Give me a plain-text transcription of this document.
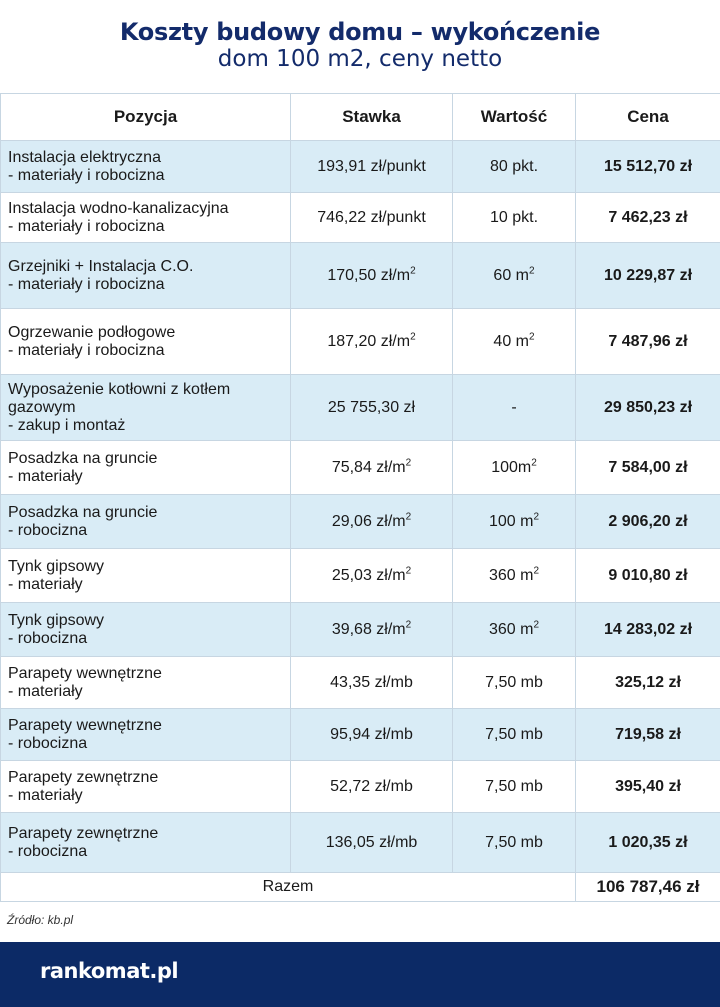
Koszty budowy domu – wykończenie
dom 100 m2, ceny netto
Pozycja	Stawka	Wartość	Cena

Instalacja elektryczna
- materiały i robocizna	193,91 zł/punkt	80 pkt.	15 512,70 zł

Instalacja wodno-kanalizacyjna
- materiały i robocizna	746,22 zł/punkt	10 pkt.	7 462,23 zł

Grzejniki + Instalacja C.O.
- materiały i robocizna	170,50 $zł/m^2$	60 $m^2$	10 229,87 zł

Ogrzewanie podłogowe
- materiały i robocizna	187,20 $zł/m^2$	40 $m^2$	7 487,96 zł

Wyposażenie kotłowni z kotłem
gazowym
- zakup i montaż	25 755,30 zł	-	29 850,23 zł

Posadzka na gruncie
- materiały	75,84 $zł/m^2$	$100m^2$	7 584,00 zł

Posadzka na gruncie
- robocizna	29,06 $zł/m^2$	100 $m^2$	2 906,20 zł

Tynk gipsowy
- materiały	25,03 $zł/m^2$	360 $m^2$	9 010,80 zł

Tynk gipsowy
- robocizna	39,68 $zł/m^2$	360 $m^2$	14 283,02 zł

Parapety wewnętrzne
- materiały	43,35 zł/mb	7,50 mb	325,12 zł

Parapety wewnętrzne
- robocizna	95,94 zł/mb	7,50 mb	719,58 zł

Parapety zewnętrzne
- materiały	52,72 zł/mb	7,50 mb	395,40 zł

Parapety zewnętrzne
- robocizna	136,05 zł/mb	7,50 mb	1 020,35 zł
Razem			106 787,46 zł
Źródło: kb.pl
rankomat.pl
